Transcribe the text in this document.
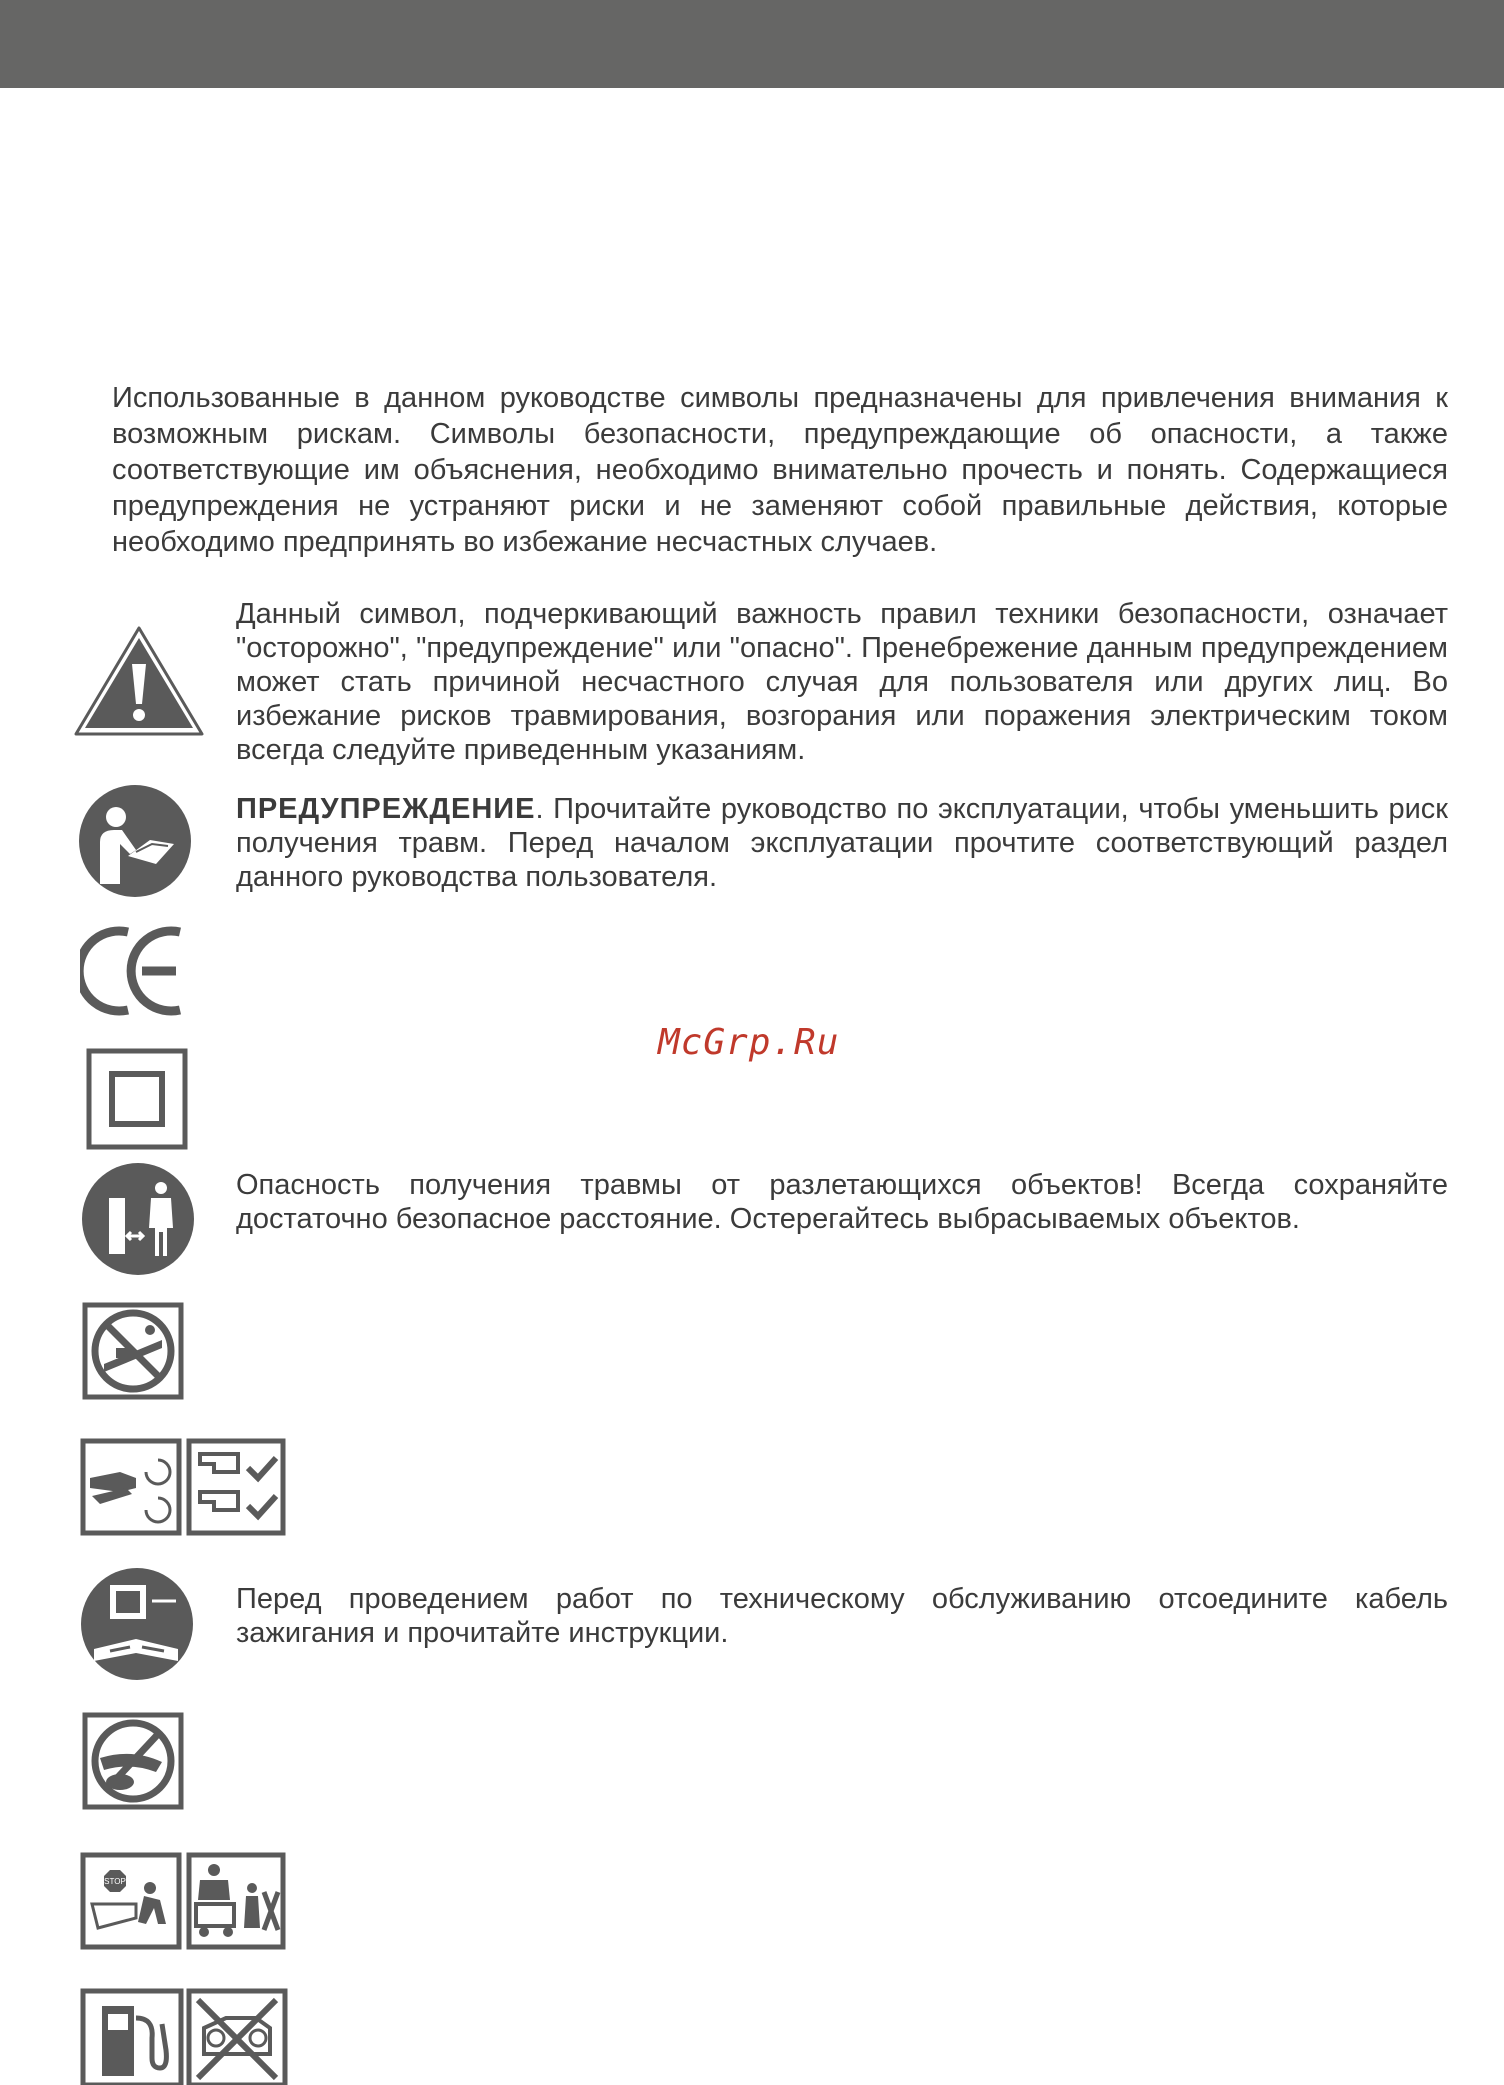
Использованные в данном руководстве символы предназначены для привлечения внимания к возможным рискам. Символы безопасности, предупреждающие об опасности, а также соответствующие им объяснения, необходимо внимательно прочесть и понять. Содержащиеся предупреждения не устраняют риски и не заменяют собой правильные действия, которые необходимо предпринять во избежание несчастных случаев.

Данный символ, подчеркивающий важность правил техники безопасности, означает "осторожно", "предупреждение" или "опасно". Пренебрежение данным предупреждением может стать причиной несчастного случая для пользователя или других лиц. Во избежание рисков травмирования, возгорания или поражения электрическим током всегда следуйте приведенным указаниям.

ПРЕДУПРЕЖДЕНИЕ. Прочитайте руководство по эксплуатации, чтобы уменьшить риск получения травм. Перед началом эксплуатации прочтите соответствующий раздел данного руководства пользователя.

McGrp.Ru

Опасность получения травмы от разлетающихся объектов! Всегда сохраняйте достаточно безопасное расстояние. Остерегайтесь выбрасываемых объектов.

Перед проведением работ по техническому обслуживанию отсоедините кабель зажигания и прочитайте инструкции.

STOP
